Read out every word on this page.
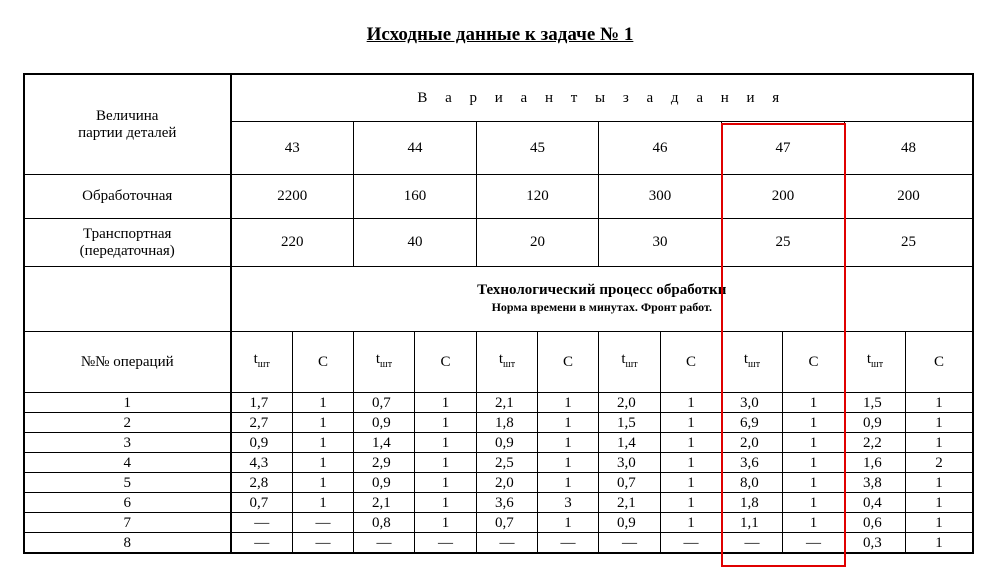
Исходные данные к задаче № 1
Величина
партии деталей	В а р и а н т ы з а д а н и я											
	43		44		45		46		47		48	
Обработочная	2200		160		120		300		200		200	
Транспортная
(передаточная)	220		40		20		30		25		25	

	Технологический процесс обработки
Норма времени в минутах. Фронт работ.											

№№ операций	$t_{шт}$	С	$t_{шт}$	С	$t_{шт}$	С	$t_{шт}$	С	$t_{шт}$	С	$t_{шт}$	С
1	1,7	1	0,7	1	2,1	1	2,0	1	3,0	1	1,5	1
2	2,7	1	0,9	1	1,8	1	1,5	1	6,9	1	0,9	1
3	0,9	1	1,4	1	0,9	1	1,4	1	2,0	1	2,2	1
4	4,3	1	2,9	1	2,5	1	3,0	1	3,6	1	1,6	2
5	2,8	1	0,9	1	2,0	1	0,7	1	8,0	1	3,8	1
6	0,7	1	2,1	1	3,6	3	2,1	1	1,8	1	0,4	1
7	—	—	0,8	1	0,7	1	0,9	1	1,1	1	0,6	1
8	—	—	—	—	—	—	—	—	—	—	0,3	1
